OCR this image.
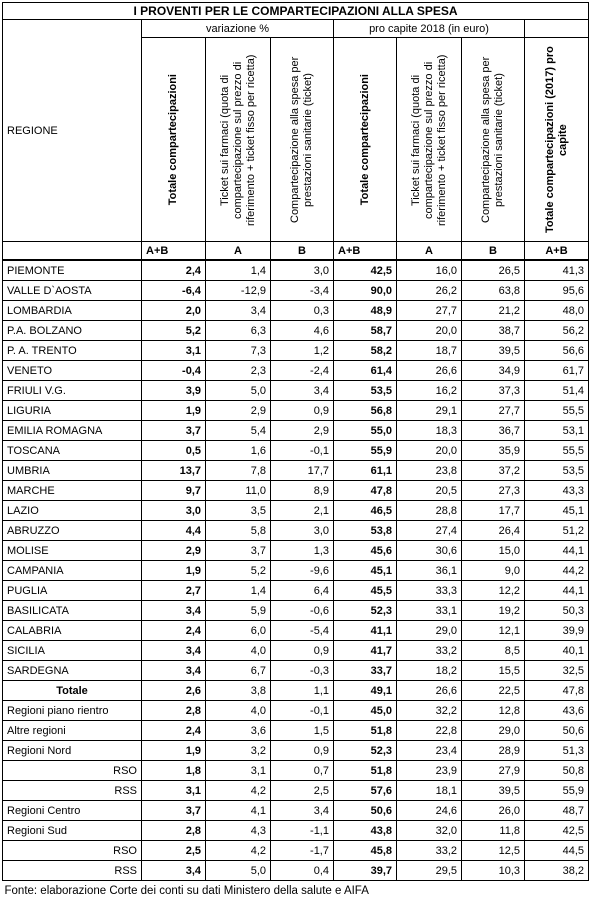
I PROVENTI PER LE COMPARTECIPAZIONI ALLA SPESA							
REGIONE	variazione %			pro capite 2018 (in euro)			

	Totale compartecipazioni	Ticket sui farmaci (quota di compartecipazione sul prezzo di riferimento + ticket fisso per ricetta)	Compartecipazione alla spesa per prestazioni sanitarie (ticket)	Totale compartecipazioni	Ticket sui farmaci (quota di compartecipazione sul prezzo di riferimento + ticket fisso per ricetta)	Compartecipazione alla spesa per prestazioni sanitarie (ticket)	Totale compartecipazioni (2017) pro capite

	A+B	A	B	A+B	A	B	A+B
PIEMONTE	2,4	1,4	3,0	42,5	16,0	26,5	41,3
VALLE D`AOSTA	-6,4	-12,9	-3,4	90,0	26,2	63,8	95,6
LOMBARDIA	2,0	3,4	0,3	48,9	27,7	21,2	48,0
P.A. BOLZANO	5,2	6,3	4,6	58,7	20,0	38,7	56,2
P. A. TRENTO	3,1	7,3	1,2	58,2	18,7	39,5	56,6
VENETO	-0,4	2,3	-2,4	61,4	26,6	34,9	61,7
FRIULI V.G.	3,9	5,0	3,4	53,5	16,2	37,3	51,4
LIGURIA	1,9	2,9	0,9	56,8	29,1	27,7	55,5
EMILIA ROMAGNA	3,7	5,4	2,9	55,0	18,3	36,7	53,1
TOSCANA	0,5	1,6	-0,1	55,9	20,0	35,9	55,5
UMBRIA	13,7	7,8	17,7	61,1	23,8	37,2	53,5
MARCHE	9,7	11,0	8,9	47,8	20,5	27,3	43,3
LAZIO	3,0	3,5	2,1	46,5	28,8	17,7	45,1
ABRUZZO	4,4	5,8	3,0	53,8	27,4	26,4	51,2
MOLISE	2,9	3,7	1,3	45,6	30,6	15,0	44,1
CAMPANIA	1,9	5,2	-9,6	45,1	36,1	9,0	44,2
PUGLIA	2,7	1,4	6,4	45,5	33,3	12,2	44,1
BASILICATA	3,4	5,9	-0,6	52,3	33,1	19,2	50,3
CALABRIA	2,4	6,0	-5,4	41,1	29,0	12,1	39,9
SICILIA	3,4	4,0	0,9	41,7	33,2	8,5	40,1
SARDEGNA	3,4	6,7	-0,3	33,7	18,2	15,5	32,5
Totale	2,6	3,8	1,1	49,1	26,6	22,5	47,8
Regioni piano rientro	2,8	4,0	-0,1	45,0	32,2	12,8	43,6
Altre regioni	2,4	3,6	1,5	51,8	22,8	29,0	50,6
Regioni Nord	1,9	3,2	0,9	52,3	23,4	28,9	51,3
RSO	1,8	3,1	0,7	51,8	23,9	27,9	50,8
RSS	3,1	4,2	2,5	57,6	18,1	39,5	55,9
Regioni Centro	3,7	4,1	3,4	50,6	24,6	26,0	48,7
Regioni Sud	2,8	4,3	-1,1	43,8	32,0	11,8	42,5
RSO	2,5	4,2	-1,7	45,8	33,2	12,5	44,5
RSS	3,4	5,0	0,4	39,7	29,5	10,3	38,2
Fonte: elaborazione Corte dei conti su dati Ministero della salute e AIFA							
